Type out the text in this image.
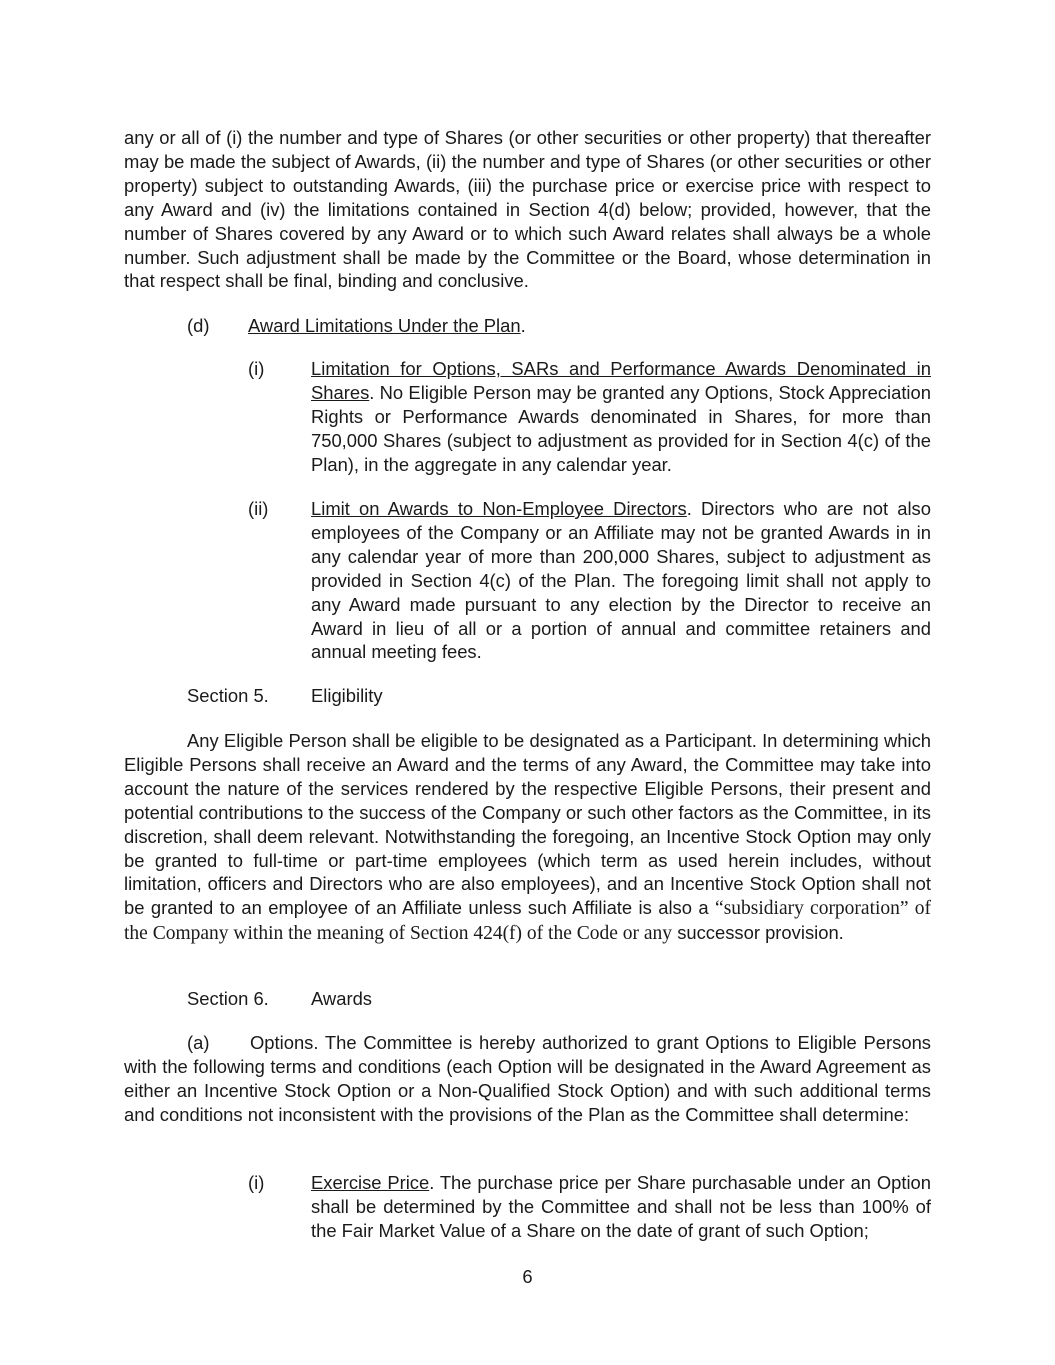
any or all of (i) the number and type of Shares (or other securities or other property) that thereafter may be made the subject of Awards, (ii) the number and type of Shares (or other securities or other property) subject to outstanding Awards, (iii) the purchase price or exercise price with respect to any Award and (iv) the limitations contained in Section 4(d) below; provided, however, that the number of Shares covered by any Award or to which such Award relates shall always be a whole number. Such adjustment shall be made by the Committee or the Board, whose determination in that respect shall be final, binding and conclusive.

(d) Award Limitations Under the Plan.

(i)	Limitation for Options, SARs and Performance Awards Denominated in Shares. No Eligible Person may be granted any Options, Stock Appreciation Rights or Performance Awards denominated in Shares, for more than 750,000 Shares (subject to adjustment as provided for in Section 4(c) of the Plan), in the aggregate in any calendar year.

(ii) Limit on Awards to Non-Employee Directors. Directors who are not also employees of the Company or an Affiliate may not be granted Awards in in any calendar year of more than 200,000 Shares, subject to adjustment as provided in Section 4(c) of the Plan. The foregoing limit shall not apply to any Award made pursuant to any election by the Director to receive an Award in lieu of all or a portion of annual and committee retainers and annual meeting fees.

Section 5. Eligibility

Any Eligible Person shall be eligible to be designated as a Participant. In determining which Eligible Persons shall receive an Award and the terms of any Award, the Committee may take into account the nature of the services rendered by the respective Eligible Persons, their present and potential contributions to the success of the Company or such other factors as the Committee, in its discretion, shall deem relevant. Notwithstanding the foregoing, an Incentive Stock Option may only be granted to full-time or part-time employees (which term as used herein includes, without limitation, officers and Directors who are also employees), and an Incentive Stock Option shall not be granted to an employee of an Affiliate unless such Affiliate is also a “subsidiary corporation” of the Company within the meaning of Section 424(f) of the Code or any successor provision.

Section 6. Awards

(a) Options. The Committee is hereby authorized to grant Options to Eligible Persons with the following terms and conditions (each Option will be designated in the Award Agreement as either an Incentive Stock Option or a Non-Qualified Stock Option) and with such additional terms and conditions not inconsistent with the provisions of the Plan as the Committee shall determine:

(i)	Exercise Price. The purchase price per Share purchasable under an Option shall be determined by the Committee and shall not be less than 100% of the Fair Market Value of a Share on the date of grant of such Option;

6
